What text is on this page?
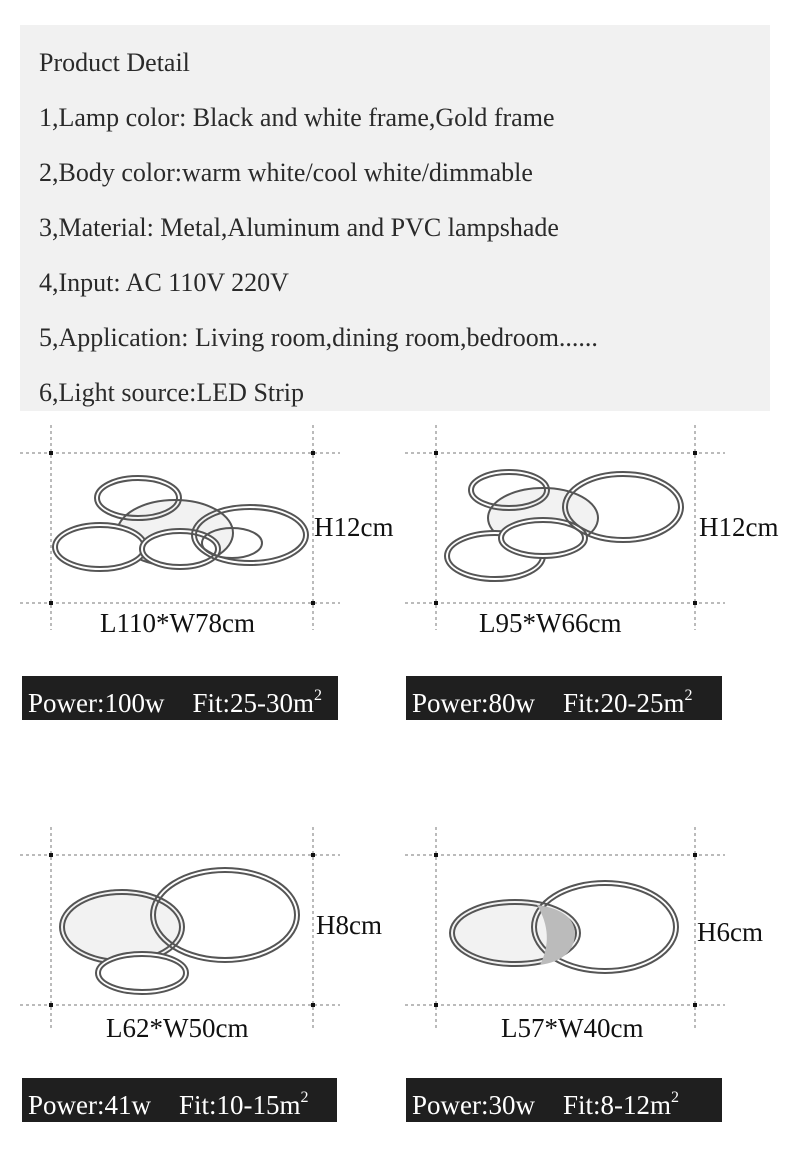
Product Detail
1,Lamp color: Black and white frame,Gold frame
2,Body color:warm white/cool white/dimmable
3,Material: Metal,Aluminum and PVC lampshade
4,Input: AC 110V 220V
5,Application: Living room,dining room,bedroom......
6,Light source:LED Strip
H12cm
L110*W78cm
Power:100w $Fit:25-30m^2$
H12cm
L95*W66cm
Power:80w $Fit:20-25m^2$
H8cm
L62*W50cm
Power:41w $Fit:10-15m^2$
H6cm
L57*W40cm
Power:30w $Fit:8-12m^2$
